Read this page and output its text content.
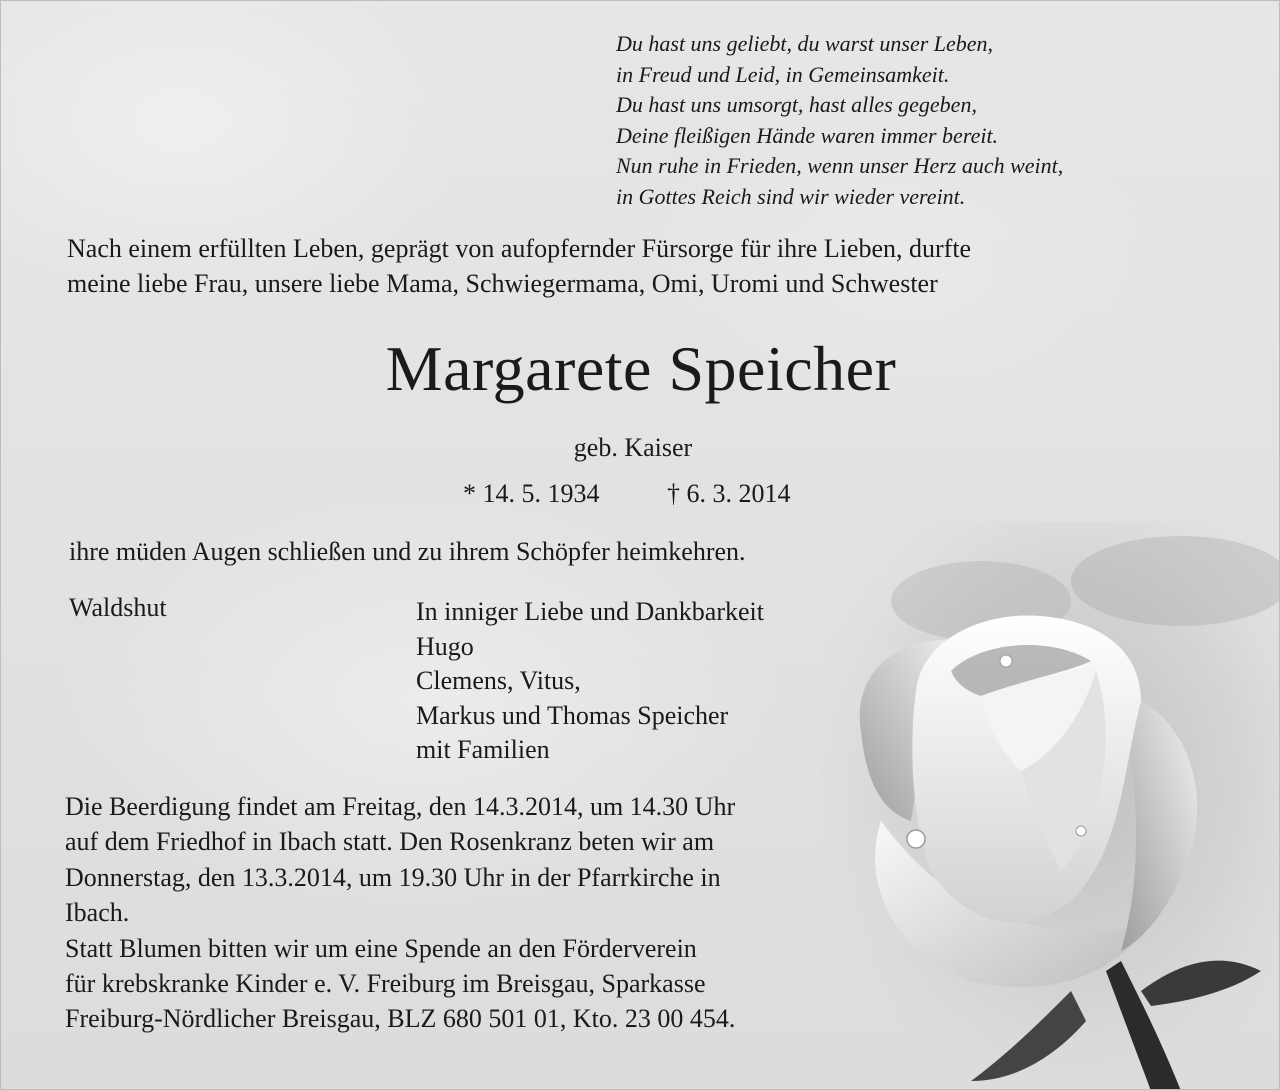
Du hast uns geliebt, du warst unser Leben,
in Freud und Leid, in Gemeinsamkeit.
Du hast uns umsorgt, hast alles gegeben,
Deine fleißigen Hände waren immer bereit.
Nun ruhe in Frieden, wenn unser Herz auch weint,
in Gottes Reich sind wir wieder vereint.
Nach einem erfüllten Leben, geprägt von aufopfernder Fürsorge für ihre Lieben, durfte
meine liebe Frau, unsere liebe Mama, Schwiegermama, Omi, Uromi und Schwester
Margarete Speicher
geb. Kaiser
* 14. 5. 1934	† 6. 3. 2014
ihre müden Augen schließen und zu ihrem Schöpfer heimkehren.
Waldshut	In inniger Liebe und Dankbarkeit
Hugo
Clemens, Vitus,
Markus und Thomas Speicher
mit Familien
Die Beerdigung findet am Freitag, den 14.3.2014, um 14.30 Uhr
auf dem Friedhof in Ibach statt. Den Rosenkranz beten wir am
Donnerstag, den 13.3.2014, um 19.30 Uhr in der Pfarrkirche in
Ibach.
Statt Blumen bitten wir um eine Spende an den Förderverein
für krebskranke Kinder e. V. Freiburg im Breisgau, Sparkasse
Freiburg-Nördlicher Breisgau, BLZ 680 501 01, Kto. 23 00 454.
